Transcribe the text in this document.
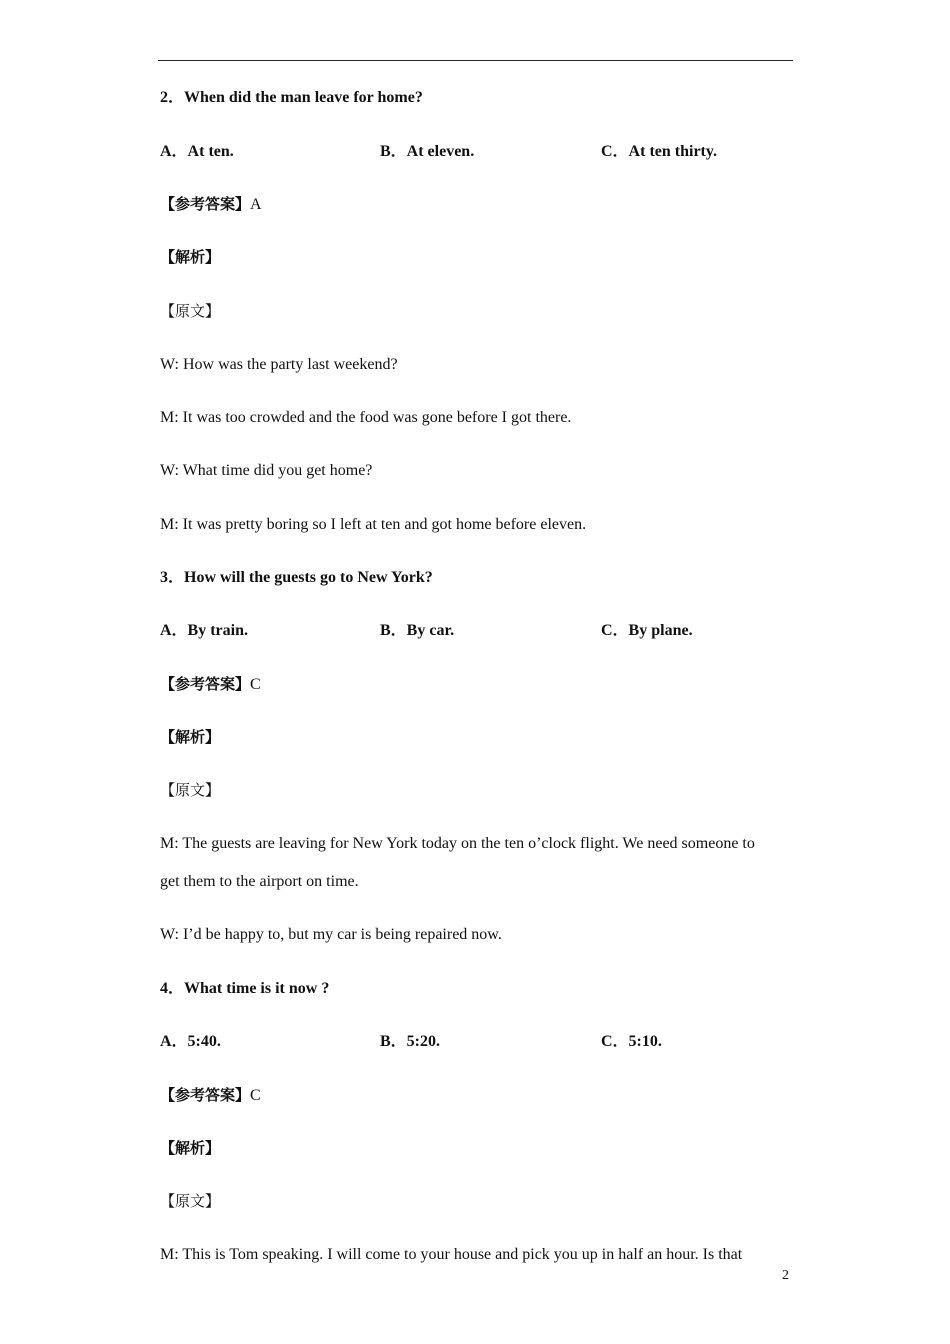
2．When did the man leave for home?
A．At ten.	B．At eleven.	C．At ten thirty.
【参考答案】A
【解析】
【原文】
W: How was the party last weekend?
M: It was too crowded and the food was gone before I got there.
W: What time did you get home?
M: It was pretty boring so I left at ten and got home before eleven.
3．How will the guests go to New York?
A．By train.	B．By car.	C．By plane.
【参考答案】C
【解析】
【原文】
M: The guests are leaving for New York today on the ten o’clock flight. We need someone to
get them to the airport on time.
W: I’d be happy to, but my car is being repaired now.
4．What time is it now ?
A．5:40.	B．5:20.	C．5:10.
【参考答案】C
【解析】
【原文】
M: This is Tom speaking. I will come to your house and pick you up in half an hour. Is that
2
